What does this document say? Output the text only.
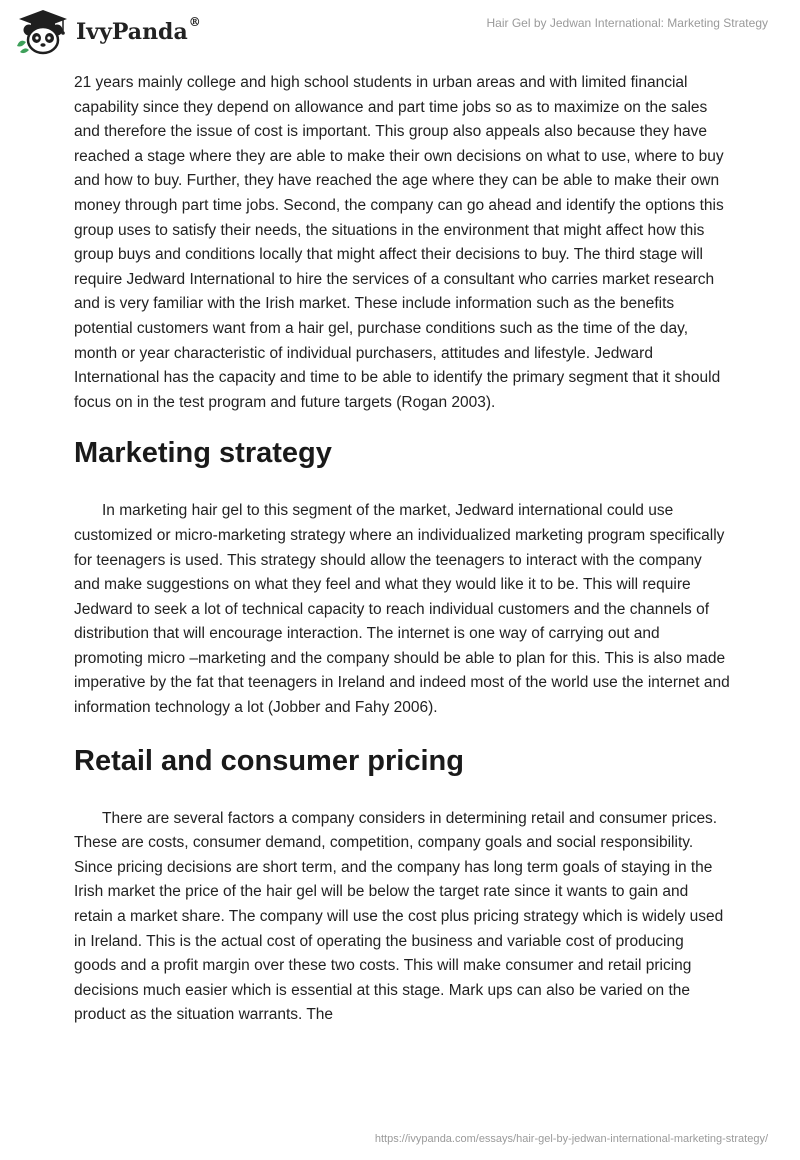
IvyPanda®	Hair Gel by Jedwan International: Marketing Strategy

21 years mainly college and high school students in urban areas and with limited financial capability since they depend on allowance and part time jobs so as to maximize on the sales and therefore the issue of cost is important. This group also appeals also because they have reached a stage where they are able to make their own decisions on what to use, where to buy and how to buy. Further, they have reached the age where they can be able to make their own money through part time jobs. Second, the company can go ahead and identify the options this group uses to satisfy their needs, the situations in the environment that might affect how this group buys and conditions locally that might affect their decisions to buy. The third stage will require Jedward International to hire the services of a consultant who carries market research and is very familiar with the Irish market. These include information such as the benefits potential customers want from a hair gel, purchase conditions such as the time of the day, month or year characteristic of individual purchasers, attitudes and lifestyle. Jedward International has the capacity and time to be able to identify the primary segment that it should focus on in the test program and future targets (Rogan 2003).

Marketing strategy

In marketing hair gel to this segment of the market, Jedward international could use customized or micro-marketing strategy where an individualized marketing program specifically for teenagers is used. This strategy should allow the teenagers to interact with the company and make suggestions on what they feel and what they would like it to be. This will require Jedward to seek a lot of technical capacity to reach individual customers and the channels of distribution that will encourage interaction. The internet is one way of carrying out and promoting micro –marketing and the company should be able to plan for this. This is also made imperative by the fat that teenagers in Ireland and indeed most of the world use the internet and information technology a lot (Jobber and Fahy 2006).

Retail and consumer pricing

There are several factors a company considers in determining retail and consumer prices. These are costs, consumer demand, competition, company goals and social responsibility. Since pricing decisions are short term, and the company has long term goals of staying in the Irish market the price of the hair gel will be below the target rate since it wants to gain and retain a market share. The company will use the cost plus pricing strategy which is widely used in Ireland. This is the actual cost of operating the business and variable cost of producing goods and a profit margin over these two costs. This will make consumer and retail pricing decisions much easier which is essential at this stage. Mark ups can also be varied on the product as the situation warrants. The

https://ivypanda.com/essays/hair-gel-by-jedwan-international-marketing-strategy/
